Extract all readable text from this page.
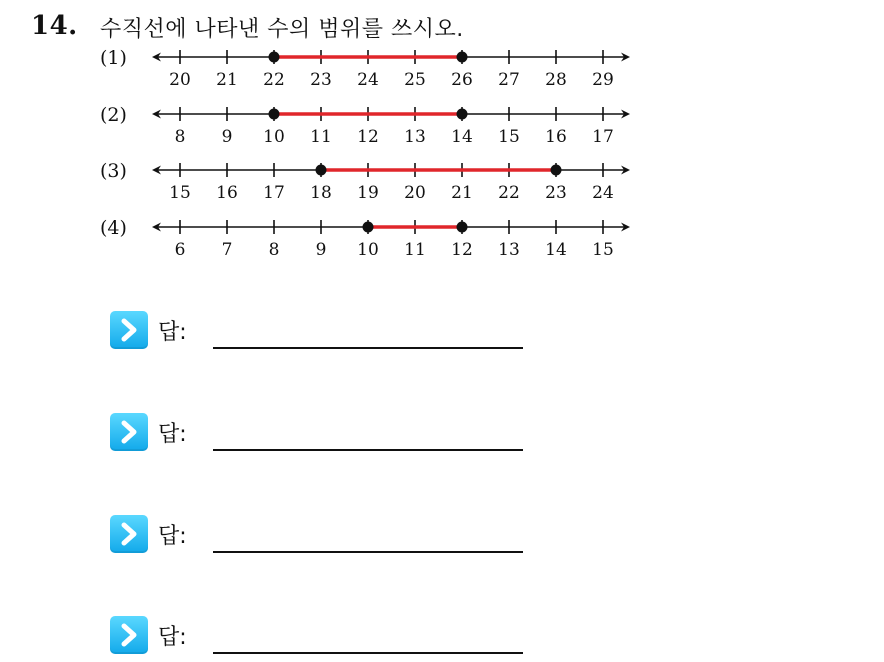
14. 수직선에 나타낸 수의 범위를 쓰시오.
(1)
20 21 22 23 24 25 26 27 28 29
(2)
8 9 10 11 12 13 14 15 16 17
(3)
15 16 17 18 19 20 21 22 23 24
(4)
6 7 8 9 10 11 12 13 14 15
답:
답:
답:
답:
